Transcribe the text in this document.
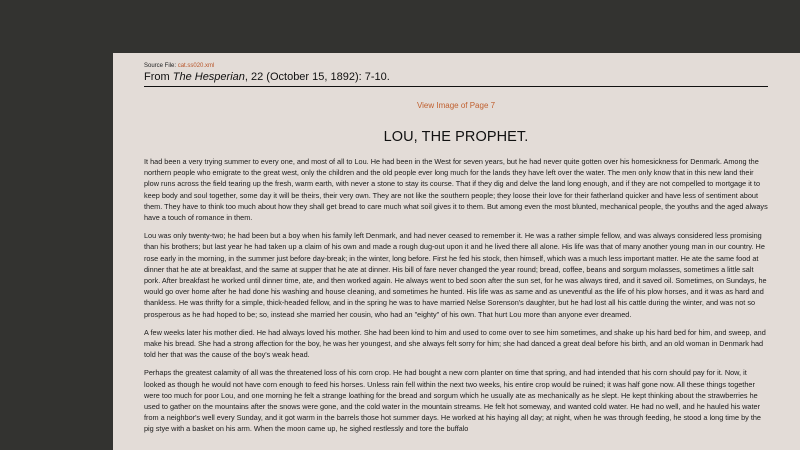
Source File: cat.ss020.xml

From The Hesperian, 22 (October 15, 1892): 7-10.

View Image of Page 7
LOU, THE PROPHET.

It had been a very trying summer to every one, and most of all to Lou. He had been in the West for seven years, but he had never quite gotten over his homesickness for Denmark. Among the northern people who emigrate to the great west, only the children and the old people ever long much for the lands they have left over the water. The men only know that in this new land their plow runs across the field tearing up the fresh, warm earth, with never a stone to stay its course. That if they dig and delve the land long enough, and if they are not compelled to mortgage it to keep body and soul together, some day it will be theirs, their very own. They are not like the southern people; they loose their love for their fatherland quicker and have less of sentiment about them. They have to think too much about how they shall get bread to care much what soil gives it to them. But among even the most blunted, mechanical people, the youths and the aged always have a touch of romance in them.

Lou was only twenty-two; he had been but a boy when his family left Denmark, and had never ceased to remember it. He was a rather simple fellow, and was always considered less promising than his brothers; but last year he had taken up a claim of his own and made a rough dug-out upon it and he lived there all alone. His life was that of many another young man in our country. He rose early in the morning, in the summer just before day-break; in the winter, long before. First he fed his stock, then himself, which was a much less important matter. He ate the same food at dinner that he ate at breakfast, and the same at supper that he ate at dinner. His bill of fare never changed the year round; bread, coffee, beans and sorgum molasses, sometimes a little salt pork. After breakfast he worked until dinner time, ate, and then worked again. He always went to bed soon after the sun set, for he was always tired, and it saved oil. Sometimes, on Sundays, he would go over home after he had done his washing and house cleaning, and sometimes he hunted. His life was as same and as uneventful as the life of his plow horses, and it was as hard and thankless. He was thrifty for a simple, thick-headed fellow, and in the spring he was to have married Nelse Sorenson's daughter, but he had lost all his cattle during the winter, and was not so prosperous as he had hoped to be; so, instead she married her cousin, who had an "eighty" of his own. That hurt Lou more than anyone ever dreamed.

A few weeks later his mother died. He had always loved his mother. She had been kind to him and used to come over to see him sometimes, and shake up his hard bed for him, and sweep, and make his bread. She had a strong affection for the boy, he was her youngest, and she always felt sorry for him; she had danced a great deal before his birth, and an old woman in Denmark had told her that was the cause of the boy's weak head.

Perhaps the greatest calamity of all was the threatened loss of his corn crop. He had bought a new corn planter on time that spring, and had intended that his corn should pay for it. Now, it looked as though he would not have corn enough to feed his horses. Unless rain fell within the next two weeks, his entire crop would be ruined; it was half gone now. All these things together were too much for poor Lou, and one morning he felt a strange loathing for the bread and sorgum which he usually ate as mechanically as he slept. He kept thinking about the strawberries he used to gather on the mountains after the snows were gone, and the cold water in the mountain streams. He felt hot someway, and wanted cold water. He had no well, and he hauled his water from a neighbor's well every Sunday, and it got warm in the barrels those hot summer days. He worked at his haying all day; at night, when he was through feeding, he stood a long time by the pig stye with a basket on his arm. When the moon came up, he sighed restlessly and tore the buffalo
